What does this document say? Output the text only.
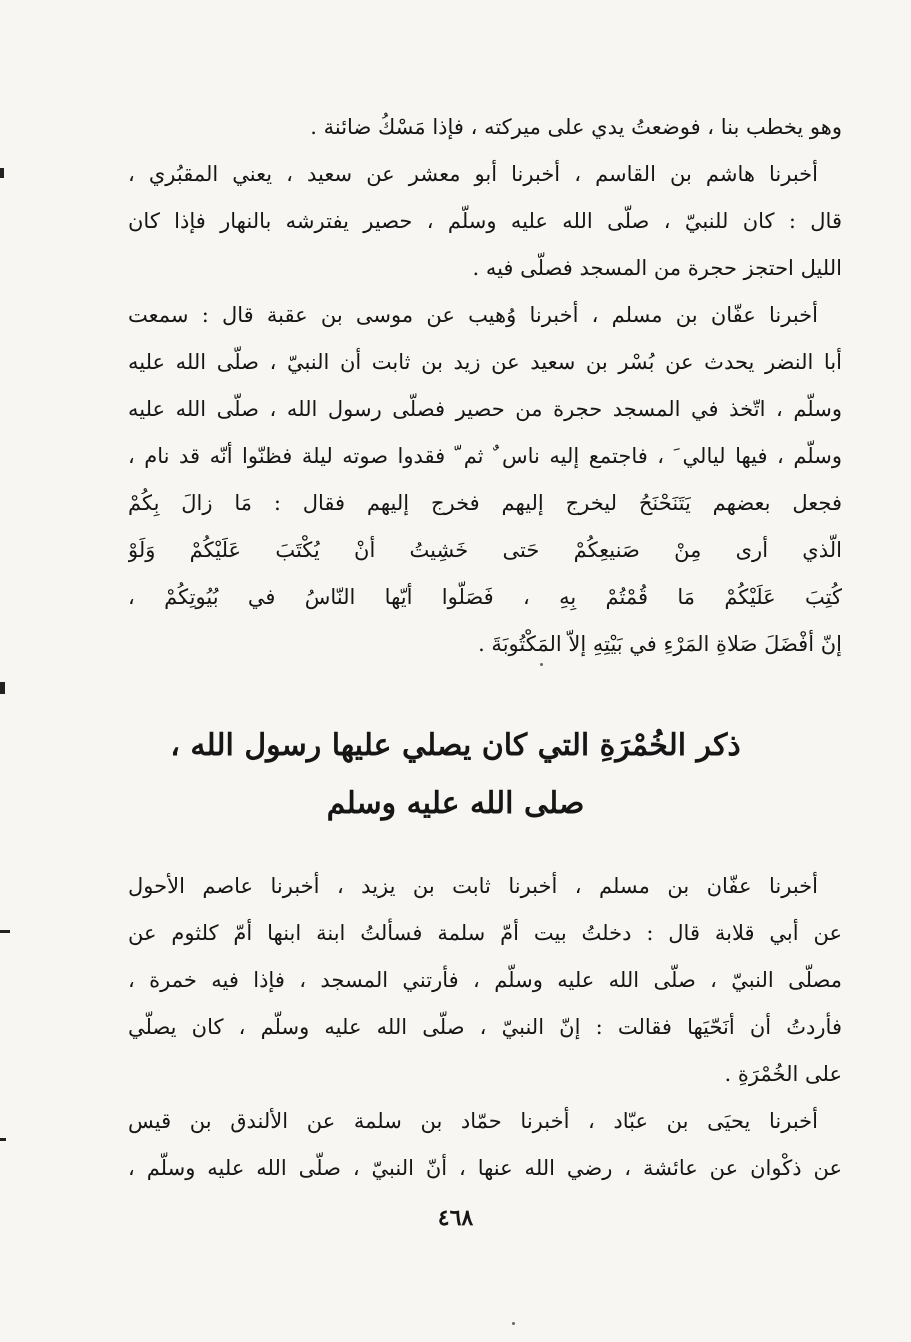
وهو يخطب بنا ، فوضعتُ يدي على ميركته ، فإذا مَسْكُ ضائنة .
أخبرنا هاشم بن القاسم ، أخبرنا أبو معشر عن سعيد ، يعني المقبُري ،
قال : كان للنبيّ ، صلّى الله عليه وسلّم ، حصير يفترشه بالنهار فإذا كان
الليل احتجز حجرة من المسجد فصلّى فيه .
أخبرنا عفّان بن مسلم ، أخبرنا وُهيب عن موسى بن عقبة قال : سمعت
أبا النضر يحدث عن بُسْر بن سعيد عن زيد بن ثابت أن النبيّ ، صلّى الله عليه
وسلّم ، اتّخذ في المسجد حجرة من حصير فصلّى رسول الله ، صلّى الله عليه
وسلّم ، فيها ليالي َ ، فاجتمع إليه ناس ٌ ثم ّ فقدوا صوته ليلة فظنّوا أنّه قد نام ،
فجعل بعضهم يَتَنَحْنَحُ ليخرج إليهم فخرج إليهم فقال : مَا زالَ بِكُمْ
الّذي أرى مِنْ صَنيعِكُمْ حَتى خَشِيتُ أنْ يُكْتَبَ عَلَيْكُمْ وَلَوْ
كُتِبَ عَلَيْكُمْ مَا قُمْتُمْ بِهِ ، فَصَلّوا أيّها النّاسُ في بُيُوتِكُمْ ،
إنّ أفْضَلَ صَلاةِ المَرْءِ في بَيْتِهِ إلاّ المَكْتُوبَةَ .
ذكر الخُمْرَةِ التي كان يصلي عليها رسول الله ،
صلى الله عليه وسلم
أخبرنا عفّان بن مسلم ، أخبرنا ثابت بن يزيد ، أخبرنا عاصم الأحول
عن أبي قلابة قال : دخلتُ بيت أمّ سلمة فسألتُ ابنة ابنها أمّ كلثوم عن
مصلّى النبيّ ، صلّى الله عليه وسلّم ، فأرتني المسجد ، فإذا فيه خمرة ،
فأردتُ أن أنَحّيَها فقالت : إنّ النبيّ ، صلّى الله عليه وسلّم ، كان يصلّي
على الخُمْرَةِ .
أخبرنا يحيَى بن عبّاد ، أخبرنا حمّاد بن سلمة عن الألندق بن قيس
عن ذكْوان عن عائشة ، رضي الله عنها ، أنّ النبيّ ، صلّى الله عليه وسلّم ،
٤٦٨
